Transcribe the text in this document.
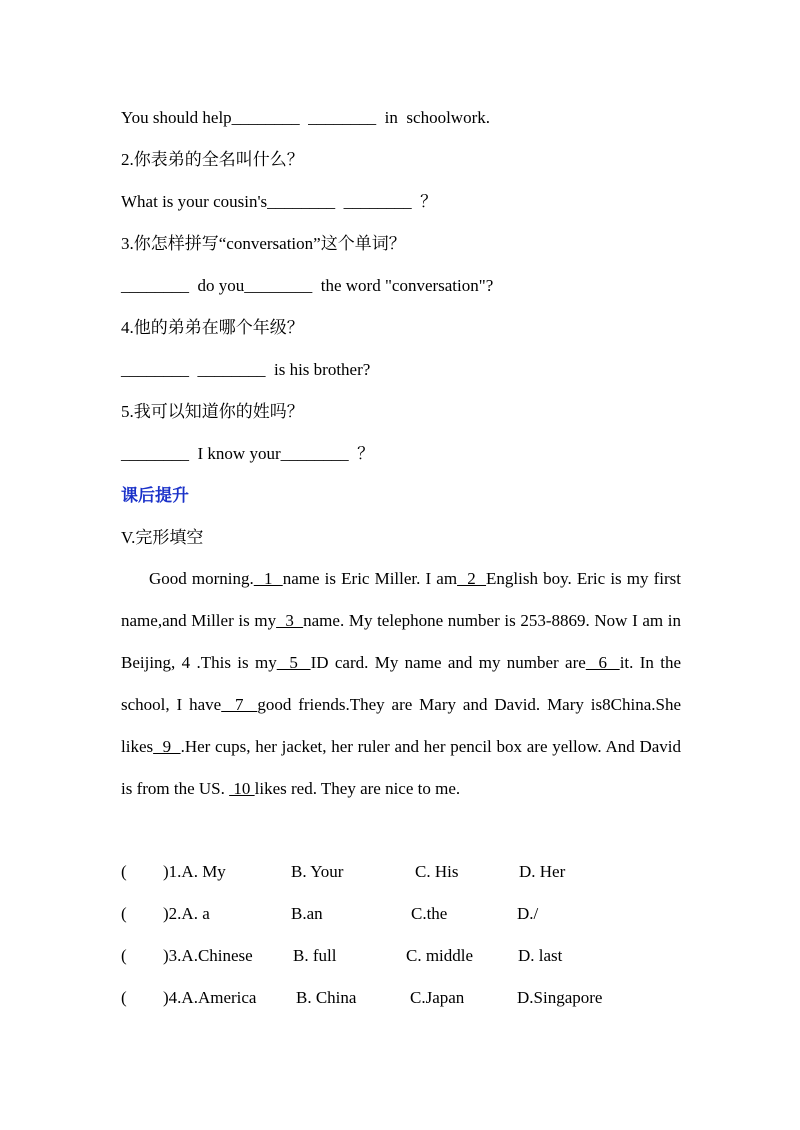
You should help________  ________  in  schoolwork.
2.你表弟的全名叫什么？
What is your cousin's________  ________  ？
3.你怎样拼写“conversation”这个单词？
________  do you________  the word "conversation"?
4.他的弟弟在哪个年级？
________  ________  is his brother?
5.我可以知道你的姓吗？
________  I know your________  ？
课后提升
V.完形填空
Good morning.  1  name is Eric Miller. I am  2  English boy. Eric is my first name,and Miller is my  3  name. My telephone number is 253-8869. Now I am in Beijing, 4 .This is my  5  ID card. My name and my number are  6  it. In the school, I have  7  good friends.They are Mary and David. Mary is8China.She likes  9  .Her cups, her jacket, her ruler and her pencil box are yellow. And David is from the US.  10 likes red. They are nice to me.
( )1.A. My	B. Your	C. His	D. Her
( )2.A. a	B.an	C.the	D./
( )3.A.Chinese B. full	C. middle	D. last
( )4.A.America B. China	C.Japan	D.Singapore
